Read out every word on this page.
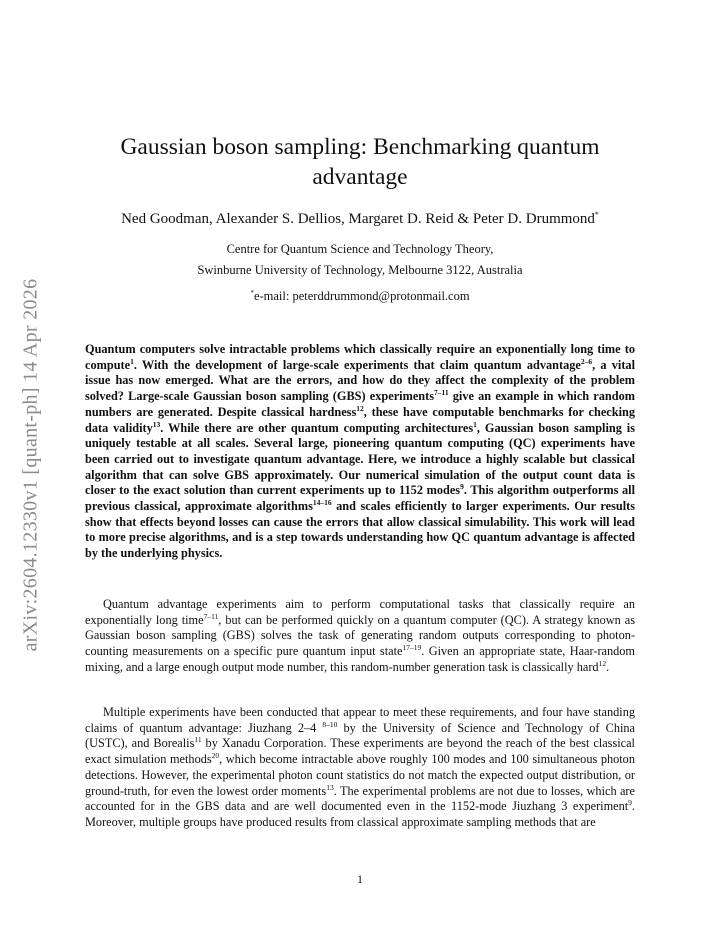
arXiv:2604.12330v1 [quant-ph] 14 Apr 2026
Gaussian boson sampling: Benchmarking quantum advantage
Ned Goodman, Alexander S. Dellios, Margaret D. Reid & Peter D. Drummond*
Centre for Quantum Science and Technology Theory,
Swinburne University of Technology, Melbourne 3122, Australia
*e-mail: peterddrummond@protonmail.com

Quantum computers solve intractable problems which classically require an exponentially long time to compute$^1$. With the development of large-scale experiments that claim quantum advantage$^{2-6}$, a vital issue has now emerged. What are the errors, and how do they affect the complexity of the problem solved? Large-scale Gaussian boson sampling (GBS) experiments$^{7-11}$ give an example in which random numbers are generated. Despite classical hardness$^{12}$, these have computable benchmarks for checking data validity$^{13}$. While there are other quantum computing architectures$^1$, Gaussian boson sampling is uniquely testable at all scales. Several large, pioneering quantum computing (QC) experiments have been carried out to investigate quantum advantage. Here, we introduce a highly scalable but classical algorithm that can solve GBS approximately. Our numerical simulation of the output count data is closer to the exact solution than current experiments up to 1152 modes$^9$. This algorithm outperforms all previous classical, approximate algorithms$^{14-16}$ and scales efficiently to larger experiments. Our results show that effects beyond losses can cause the errors that allow classical simulability. This work will lead to more precise algorithms, and is a step towards understanding how QC quantum advantage is affected by the underlying physics.

Quantum advantage experiments aim to perform computational tasks that classically require an exponentially long time$^{7-11}$, but can be performed quickly on a quantum computer (QC). A strategy known as Gaussian boson sampling (GBS) solves the task of generating random outputs corresponding to photon-counting measurements on a specific pure quantum input state$^{17-19}$. Given an appropriate state, Haar-random mixing, and a large enough output mode number, this random-number generation task is classically hard$^{12}$.

Multiple experiments have been conducted that appear to meet these requirements, and four have standing claims of quantum advantage: Jiuzhang 2–4 $^{8-10}$ by the University of Science and Technology of China (USTC), and Borealis$^{11}$ by Xanadu Corporation. These experiments are beyond the reach of the best classical exact simulation methods$^{20}$, which become intractable above roughly 100 modes and 100 simultaneous photon detections. However, the experimental photon count statistics do not match the expected output distribution, or ground-truth, for even the lowest order moments$^{13}$. The experimental problems are not due to losses, which are accounted for in the GBS data and are well documented even in the 1152-mode Jiuzhang 3 experiment$^9$. Moreover, multiple groups have produced results from classical approximate sampling methods that are

1
